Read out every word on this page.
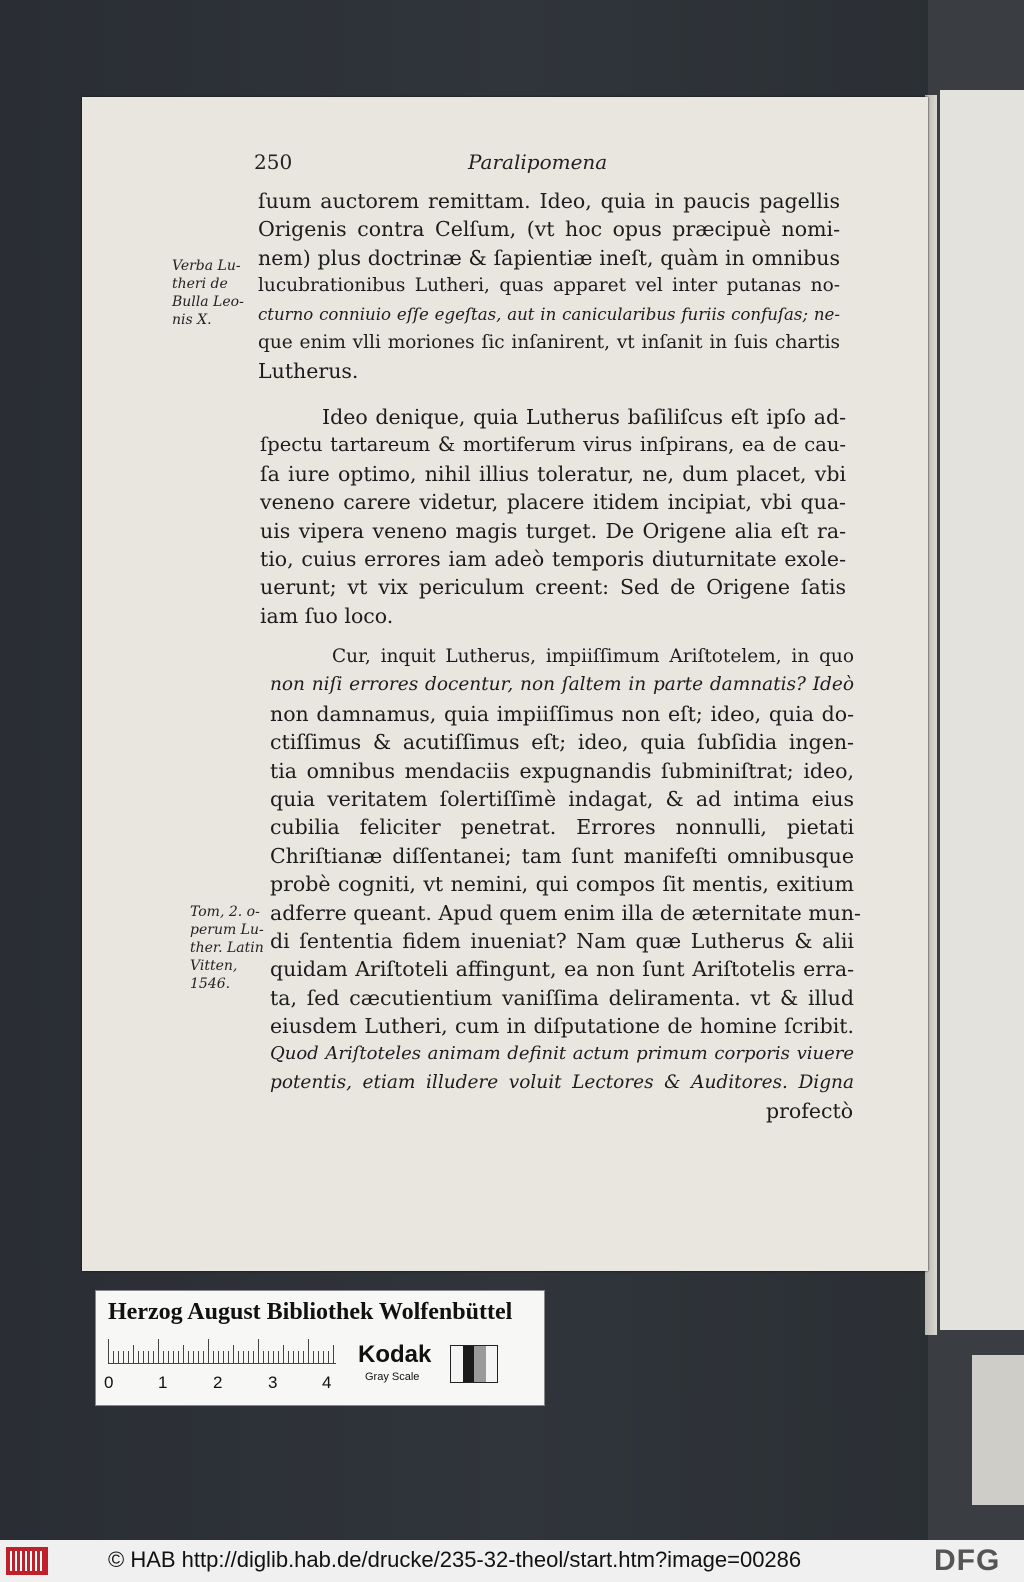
250	Paralipomena
Verba Lu-
theri de
Bulla Leo-
nis X.
Tom, 2. o-
perum Lu-
ther. Latin
Vitten,
1546.
ſuum auctorem remittam. Ideo, quia in paucis pagellis
Origenis contra Celſum, (vt hoc opus præcipuè nomi-
nem) plus doctrinæ & ſapientiæ ineſt, quàm in omnibus
lucubrationibus Lutheri, quas apparet vel inter putanas no-
cturno conniuio eſſe egeſtas, aut in canicularibus furiis confuſas; ne-
que enim vlli moriones ſic inſanirent, vt inſanit in ſuis chartis
Lutherus.
Ideo denique, quia Lutherus baſiliſcus eſt ipſo ad-
ſpectu tartareum & mortiferum virus inſpirans, ea de cau-
ſa iure optimo, nihil illius toleratur, ne, dum placet, vbi
veneno carere videtur, placere itidem incipiat, vbi qua-
uis vipera veneno magis turget. De Origene alia eſt ra-
tio, cuius errores iam adeò temporis diuturnitate exole-
uerunt; vt vix periculum creent: Sed de Origene ſatis
iam ſuo loco.
Cur, inquit Lutherus, impiiſſimum Ariſtotelem, in quo
non niſi errores docentur, non ſaltem in parte damnatis? Ideò
non damnamus, quia impiiſſimus non eſt; ideo, quia do-
ctiſſimus & acutiſſimus eſt; ideo, quia ſubſidia ingen-
tia omnibus mendaciis expugnandis ſubminiſtrat; ideo,
quia veritatem ſolertiſſimè indagat, & ad intima eius
cubilia feliciter penetrat. Errores nonnulli, pietati
Chriſtianæ diſſentanei; tam ſunt manifeſti omnibusque
probè cogniti, vt nemini, qui compos ſit mentis, exitium
adferre queant. Apud quem enim illa de æternitate mun-
di ſententia fidem inueniat? Nam quæ Lutherus & alii
quidam Ariſtoteli affingunt, ea non ſunt Ariſtotelis erra-
ta, ſed cæcutientium vaniſſima deliramenta. vt & illud
eiusdem Lutheri, cum in diſputatione de homine ſcribit.
Quod Ariſtoteles animam definit actum primum corporis viuere
potentis, etiam illudere voluit Lectores & Auditores. Digna
profectò
Herzog August Bibliothek Wolfenbüttel
0	1	2	3	4
Kodak
Gray Scale
© HAB http://diglib.hab.de/drucke/235-32-theol/start.htm?image=00286	DFG
